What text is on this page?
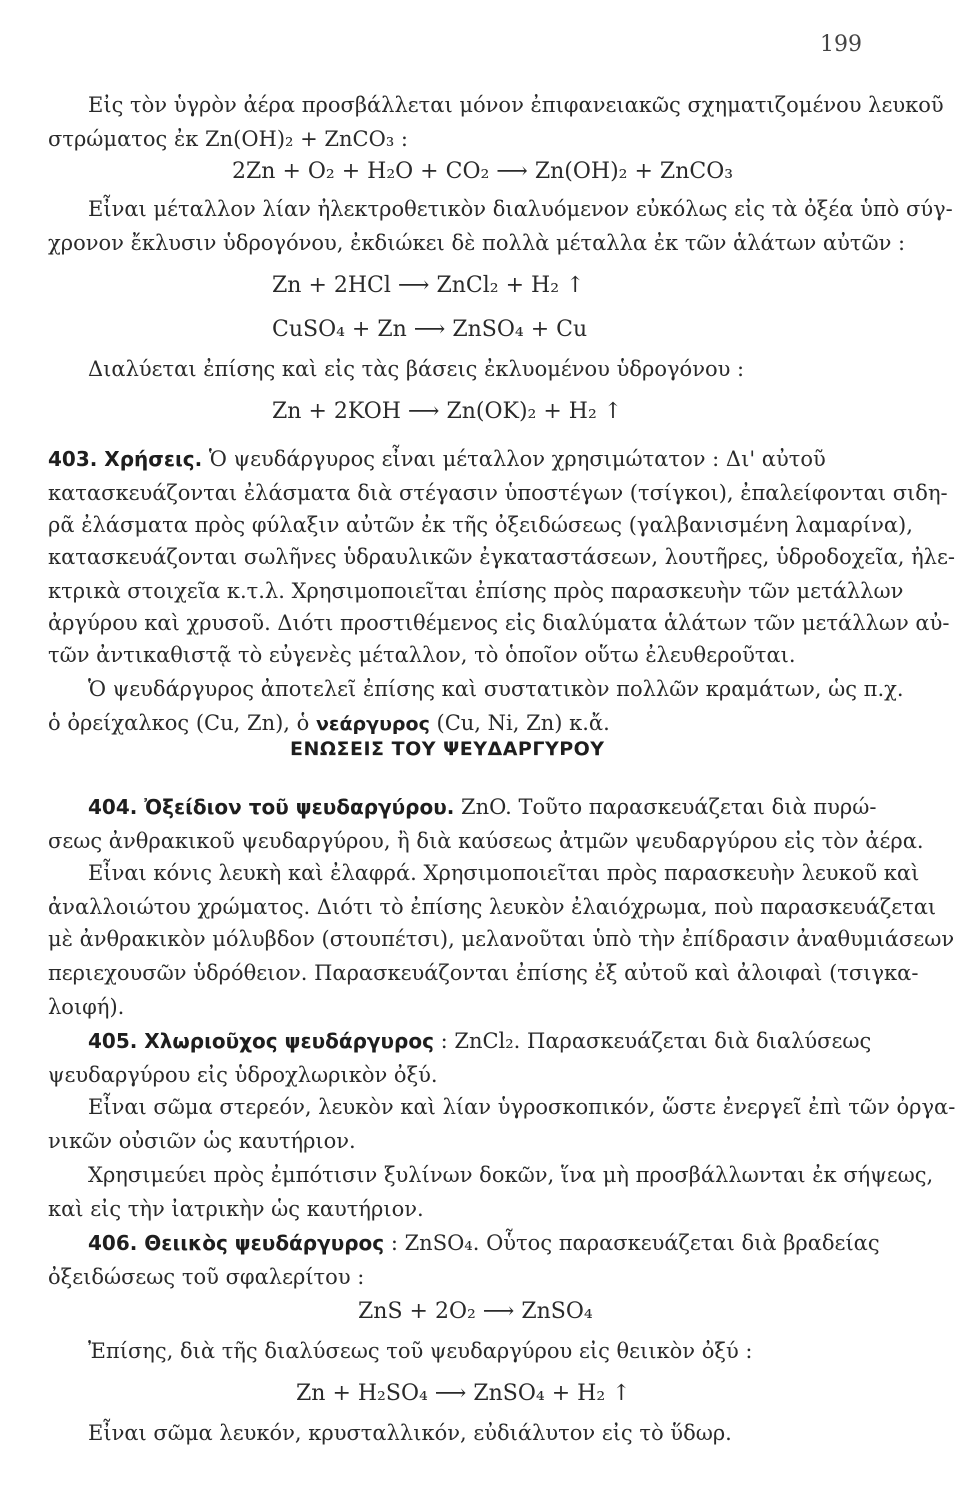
199
Εἰς τὸν ὑγρὸν ἀέρα προσβάλλεται μόνον ἐπιφανειακῶς σχηματιζομένου λευκοῦ
στρώματος ἐκ Zn(OH)₂ + ZnCO₃ :
2Zn + O₂ + H₂O + CO₂ ⟶ Zn(OH)₂ + ZnCO₃
Εἶναι μέταλλον λίαν ἠλεκτροθετικὸν διαλυόμενον εὐκόλως εἰς τὰ ὀξέα ὑπὸ σύγ-
χρονον ἔκλυσιν ὑδρογόνου, ἐκδιώκει δὲ πολλὰ μέταλλα ἐκ τῶν ἁλάτων αὐτῶν :
Zn + 2HCl ⟶ ZnCl₂ + H₂ ↑
CuSO₄ + Zn ⟶ ZnSO₄ + Cu
Διαλύεται ἐπίσης καὶ εἰς τὰς βάσεις ἐκλυομένου ὑδρογόνου :
Zn + 2KOH ⟶ Zn(OK)₂ + H₂ ↑
403. Χρήσεις. Ὁ ψευδάργυρος εἶναι μέταλλον χρησιμώτατον : Δι' αὐτοῦ
κατασκευάζονται ἐλάσματα διὰ στέγασιν ὑποστέγων (τσίγκοι), ἐπαλείφονται σιδη-
ρᾶ ἐλάσματα πρὸς φύλαξιν αὐτῶν ἐκ τῆς ὀξειδώσεως (γαλβανισμένη λαμαρίνα),
κατασκευάζονται σωλῆνες ὑδραυλικῶν ἐγκαταστάσεων, λουτῆρες, ὑδροδοχεῖα, ἠλε-
κτρικὰ στοιχεῖα κ.τ.λ. Χρησιμοποιεῖται ἐπίσης πρὸς παρασκευὴν τῶν μετάλλων
ἀργύρου καὶ χρυσοῦ. Διότι προστιθέμενος εἰς διαλύματα ἁλάτων τῶν μετάλλων αὐ-
τῶν ἀντικαθιστᾷ τὸ εὐγενὲς μέταλλον, τὸ ὁποῖον οὕτω ἐλευθεροῦται.
Ὁ ψευδάργυρος ἀποτελεῖ ἐπίσης καὶ συστατικὸν πολλῶν κραμάτων, ὡς π.χ.
ὁ ὀρείχαλκος (Cu, Zn), ὁ νεάργυρος (Cu, Ni, Zn) κ.ἄ.
ΕΝΩΣΕΙΣ ΤΟΥ ΨΕΥΔΑΡΓΥΡΟΥ
404. Ὀξείδιον τοῦ ψευδαργύρου. ZnO. Τοῦτο παρασκευάζεται διὰ πυρώ-
σεως ἀνθρακικοῦ ψευδαργύρου, ἢ διὰ καύσεως ἀτμῶν ψευδαργύρου εἰς τὸν ἀέρα.
Εἶναι κόνις λευκὴ καὶ ἐλαφρά. Χρησιμοποιεῖται πρὸς παρασκευὴν λευκοῦ καὶ
ἀναλλοιώτου χρώματος. Διότι τὸ ἐπίσης λευκὸν ἐλαιόχρωμα, ποὺ παρασκευάζεται
μὲ ἀνθρακικὸν μόλυβδον (στουπέτσι), μελανοῦται ὑπὸ τὴν ἐπίδρασιν ἀναθυμιάσεων
περιεχουσῶν ὑδρόθειον. Παρασκευάζονται ἐπίσης ἐξ αὐτοῦ καὶ ἀλοιφαὶ (τσιγκα-
λοιφή).
405. Χλωριοῦχος ψευδάργυρος : ZnCl₂. Παρασκευάζεται διὰ διαλύσεως
ψευδαργύρου εἰς ὑδροχλωρικὸν ὀξύ.
Εἶναι σῶμα στερεόν, λευκὸν καὶ λίαν ὑγροσκοπικόν, ὥστε ἐνεργεῖ ἐπὶ τῶν ὀργα-
νικῶν οὐσιῶν ὡς καυτήριον.
Χρησιμεύει πρὸς ἐμπότισιν ξυλίνων δοκῶν, ἵνα μὴ προσβάλλωνται ἐκ σήψεως,
καὶ εἰς τὴν ἰατρικὴν ὡς καυτήριον.
406. Θειικὸς ψευδάργυρος : ZnSO₄. Οὗτος παρασκευάζεται διὰ βραδείας
ὀξειδώσεως τοῦ σφαλερίτου :
ZnS + 2O₂ ⟶ ZnSO₄
Ἐπίσης, διὰ τῆς διαλύσεως τοῦ ψευδαργύρου εἰς θειικὸν ὀξύ :
Zn + H₂SO₄ ⟶ ZnSO₄ + H₂ ↑
Εἶναι σῶμα λευκόν, κρυσταλλικόν, εὐδιάλυτον εἰς τὸ ὕδωρ.
